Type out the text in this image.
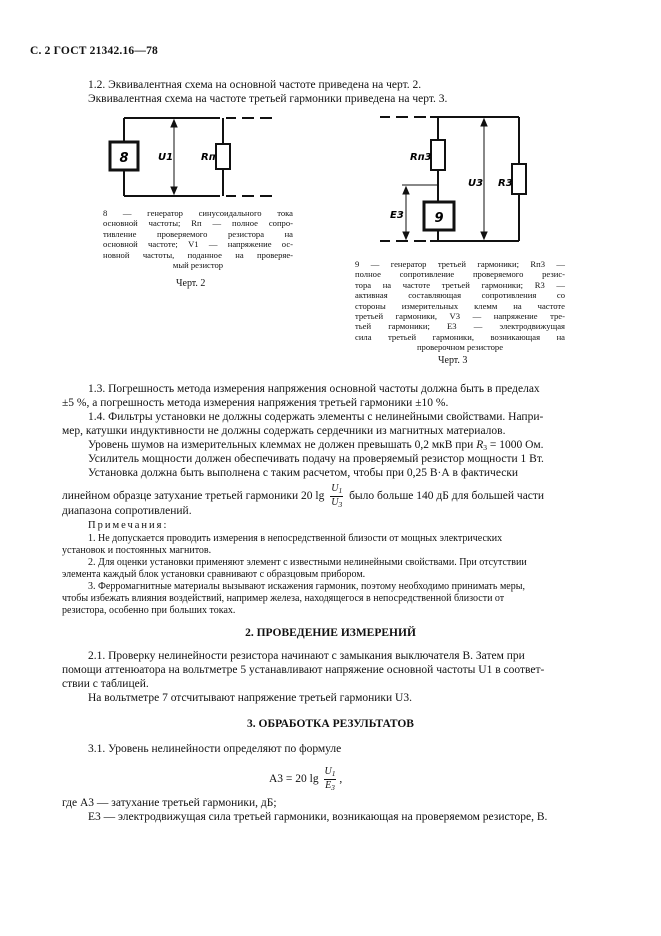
С. 2 ГОСТ 21342.16—78
1.2. Эквивалентная схема на основной частоте приведена на черт. 2.
Эквивалентная схема на частоте третьей гармоники приведена на черт. 3.
8	U1	Rп
8 — генератор синусоидального тока
основной частоты; Rп — полное сопро-
тивление проверяемого резистора на
основной частоте; V1 — напряжение ос-
новной частоты, поданное на проверяе-
мый резистор
Черт. 2
Rп3
U3 R3
E3 9
9 — генератор третьей гармоники; Rп3 —
полное сопротивление проверяемого резис-
тора на частоте третьей гармоники; R3 —
активная составляющая сопротивления со
стороны измерительных клемм на частоте
третьей гармоники, V3 — напряжение тре-
тьей гармоники; E3 — электродвижущая
сила третьей гармоники, возникающая на
проверочном резисторе
Черт. 3
1.3. Погрешность метода измерения напряжения основной частоты должна быть в пределах
±5 %, а погрешность метода измерения напряжения третьей гармоники ±10 %.
1.4. Фильтры установки не должны содержать элементы с нелинейными свойствами. Напри-
мер, катушки индуктивности не должны содержать сердечники из магнитных материалов.
Уровень шумов на измерительных клеммах не должен превышать 0,2 мкВ при $R_3 = 1000$ Ом.
Усилитель мощности должен обеспечивать подачу на проверяемый резистор мощности 1 Вт.
Установка должна быть выполнена с таким расчетом, чтобы при 0,25 В·А в фактически
линейном образце затухание третьей гармоники 20 $\lg \frac{U_1}{U_3}$ было больше 140 дБ для большей части
диапазона сопротивлений.
Примечания:
1. Не допускается проводить измерения в непосредственной близости от мощных электрических
установок и постоянных магнитов.
2. Для оценки установки применяют элемент с известными нелинейными свойствами. При отсутствии
элемента каждый блок установки сравнивают с образцовым прибором.
3. Ферромагнитные материалы вызывают искажения гармоник, поэтому необходимо принимать меры,
чтобы избежать влияния воздействий, например железа, находящегося в непосредственной близости от
резистора, особенно при больших токах.
2. ПРОВЕДЕНИЕ ИЗМЕРЕНИЙ
2.1. Проверку нелинейности резистора начинают с замыкания выключателя В. Затем при
помощи аттенюатора на вольтметре 5 устанавливают напряжение основной частоты U1 в соответ-
ствии с таблицей.
На вольтметре 7 отсчитывают напряжение третьей гармоники U3.
3. ОБРАБОТКА РЕЗУЛЬТАТОВ
3.1. Уровень нелинейности определяют по формуле
A3 = 20 $\lg \frac{U_1}{E_3}$ ,
где A3 — затухание третьей гармоники, дБ;
E3 — электродвижущая сила третьей гармоники, возникающая на проверяемом резисторе, В.
